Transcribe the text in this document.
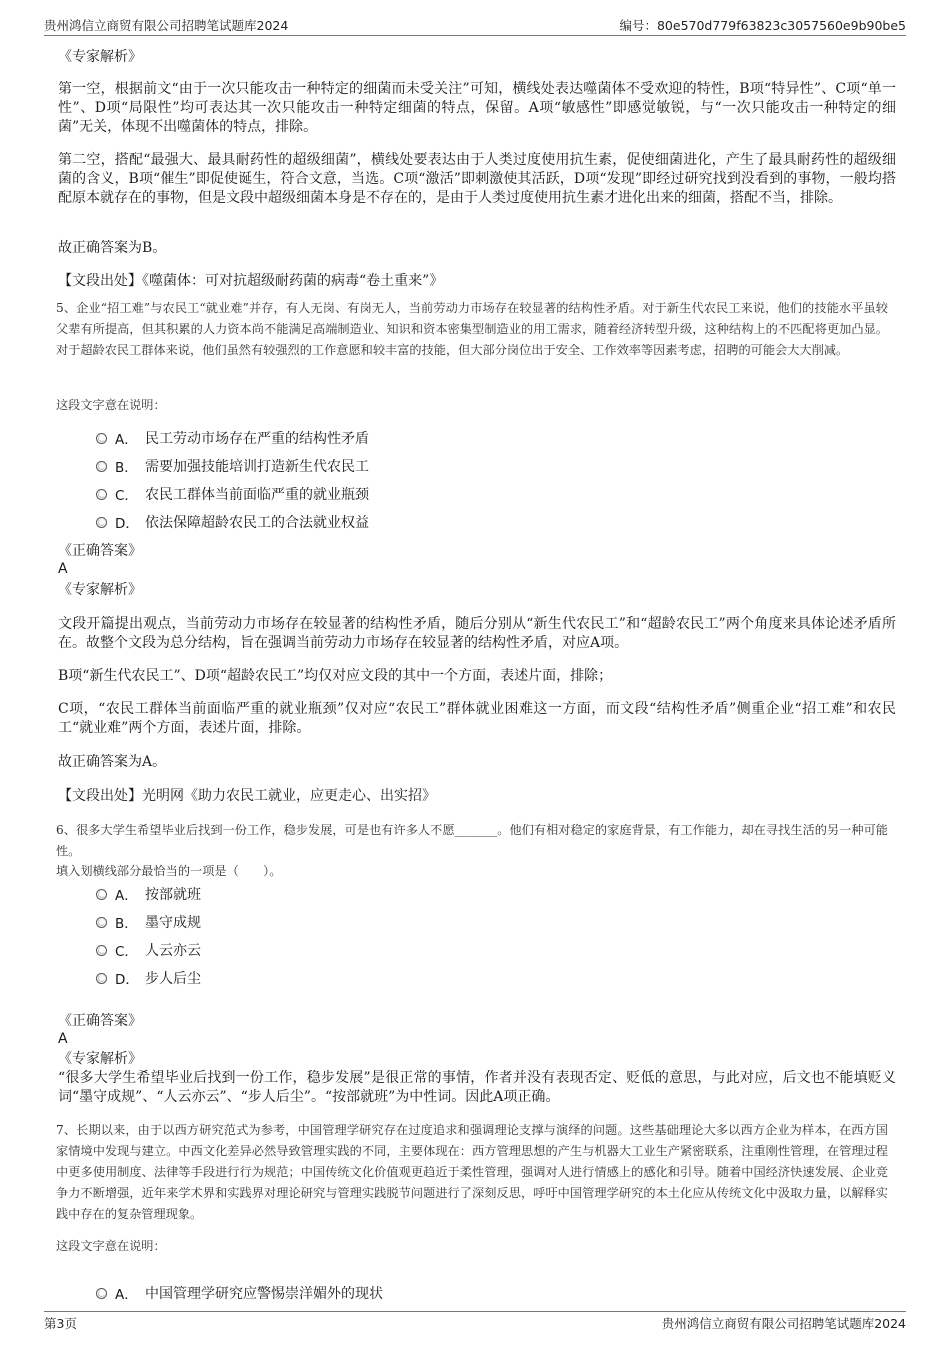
贵州鸿信立商贸有限公司招聘笔试题库2024	编号：80e570d779f63823c3057560e9b90be5
《专家解析》
第一空，根据前文“由于一次只能攻击一种特定的细菌而未受关注”可知，横线处表达噬菌体不受欢迎的特性，B项“特异性”、C项“单一性”、D项“局限性”均可表达其一次只能攻击一种特定细菌的特点，保留。A项“敏感性”即感觉敏锐，与“一次只能攻击一种特定的细菌”无关，体现不出噬菌体的特点，排除。
第二空，搭配“最强大、最具耐药性的超级细菌”，横线处要表达由于人类过度使用抗生素，促使细菌进化，产生了最具耐药性的超级细菌的含义，B项“催生”即促使诞生，符合文意，当选。C项“激活”即刺激使其活跃，D项“发现”即经过研究找到没看到的事物，一般均搭配原本就存在的事物，但是文段中超级细菌本身是不存在的，是由于人类过度使用抗生素才进化出来的细菌，搭配不当，排除。
故正确答案为B。
【文段出处】《噬菌体：可对抗超级耐药菌的病毒“卷土重来”》
5、企业“招工难”与农民工“就业难”并存，有人无岗、有岗无人，当前劳动力市场存在较显著的结构性矛盾。对于新生代农民工来说，他们的技能水平虽较父辈有所提高，但其积累的人力资本尚不能满足高端制造业、知识和资本密集型制造业的用工需求，随着经济转型升级，这种结构上的不匹配将更加凸显。对于超龄农民工群体来说，他们虽然有较强烈的工作意愿和较丰富的技能，但大部分岗位出于安全、工作效率等因素考虑，招聘的可能会大大削减。
这段文字意在说明：
A． 民工劳动市场存在严重的结构性矛盾
B． 需要加强技能培训打造新生代农民工
C． 农民工群体当前面临严重的就业瓶颈
D． 依法保障超龄农民工的合法就业权益
《正确答案》
A
《专家解析》
文段开篇提出观点，当前劳动力市场存在较显著的结构性矛盾，随后分别从“新生代农民工”和“超龄农民工”两个角度来具体论述矛盾所在。故整个文段为总分结构，旨在强调当前劳动力市场存在较显著的结构性矛盾，对应A项。
B项“新生代农民工”、D项“超龄农民工”均仅对应文段的其中一个方面，表述片面，排除；
C项，“农民工群体当前面临严重的就业瓶颈”仅对应“农民工”群体就业困难这一方面，而文段“结构性矛盾”侧重企业“招工难”和农民工“就业难”两个方面，表述片面，排除。
故正确答案为A。
【文段出处】光明网《助力农民工就业，应更走心、出实招》
6、很多大学生希望毕业后找到一份工作，稳步发展，可是也有许多人不愿_______。他们有相对稳定的家庭背景，有工作能力，却在寻找生活的另一种可能性。
填入划横线部分最恰当的一项是（　　）。
A． 按部就班
B． 墨守成规
C． 人云亦云
D． 步人后尘
《正确答案》
A
《专家解析》
“很多大学生希望毕业后找到一份工作，稳步发展”是很正常的事情，作者并没有表现否定、贬低的意思，与此对应，后文也不能填贬义词“墨守成规”、“人云亦云”、“步人后尘”。“按部就班”为中性词。因此A项正确。
7、长期以来，由于以西方研究范式为参考，中国管理学研究存在过度追求和强调理论支撑与演绎的问题。这些基础理论大多以西方企业为样本，在西方国家情境中发现与建立。中西文化差异必然导致管理实践的不同，主要体现在：西方管理思想的产生与机器大工业生产紧密联系，注重刚性管理，在管理过程中更多使用制度、法律等手段进行行为规范；中国传统文化价值观更趋近于柔性管理，强调对人进行情感上的感化和引导。随着中国经济快速发展、企业竞争力不断增强，近年来学术界和实践界对理论研究与管理实践脱节问题进行了深刻反思，呼吁中国管理学研究的本土化应从传统文化中汲取力量，以解释实践中存在的复杂管理现象。
这段文字意在说明：
A． 中国管理学研究应警惕崇洋媚外的现状
第3页	贵州鸿信立商贸有限公司招聘笔试题库2024
